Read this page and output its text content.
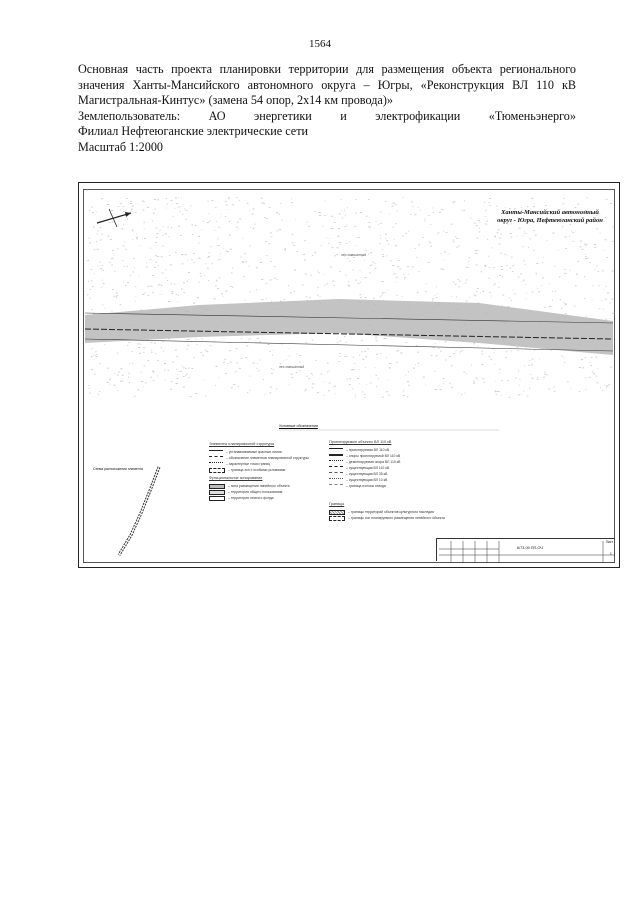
1564

Основная часть проекта планировки территории для размещения объекта регионального

значения Ханты-Мансийского автономного округа – Югры, «Реконструкция ВЛ 110 кВ

Магистральная-Кинтус» (замена 54 опор, 2х14 км провода)»

Землепользователь: АО энергетики и электрофикации «Тюменьэнерго»

Филиал Нефтеюганские электрические сети

Масштаб 1:2000

Ханты-Мансийский автономный округ - Югра, Нефтеюганский район
лес смешанный
лес смешанный
Условные обозначения
Схема расположения элемента
Элементы планировочной структуры
– устанавливаемые красные линии
– обозначение элементов планировочной структуры
– характерные точки границ
– граница зон с особыми условиями
Функциональное зонирование
– зона размещения линейного объекта
– территория общего пользования
– территория лесного фонда
Проектируемые объекты ВЛ 110 кВ
– проектируемая ВЛ 110 кВ
– опоры проектируемой ВЛ 110 кВ
– демонтируемая опора ВЛ 110 кВ
– существующая ВЛ 110 кВ
– существующая ВЛ 35 кВ
– существующая ВЛ 10 кВ
– граница полосы отвода
Границы
– границы территорий объектов культурного наследия
– границы зон планируемого размещения линейного объекта
6/73.09.ПП-ОЧ
Лист
1
